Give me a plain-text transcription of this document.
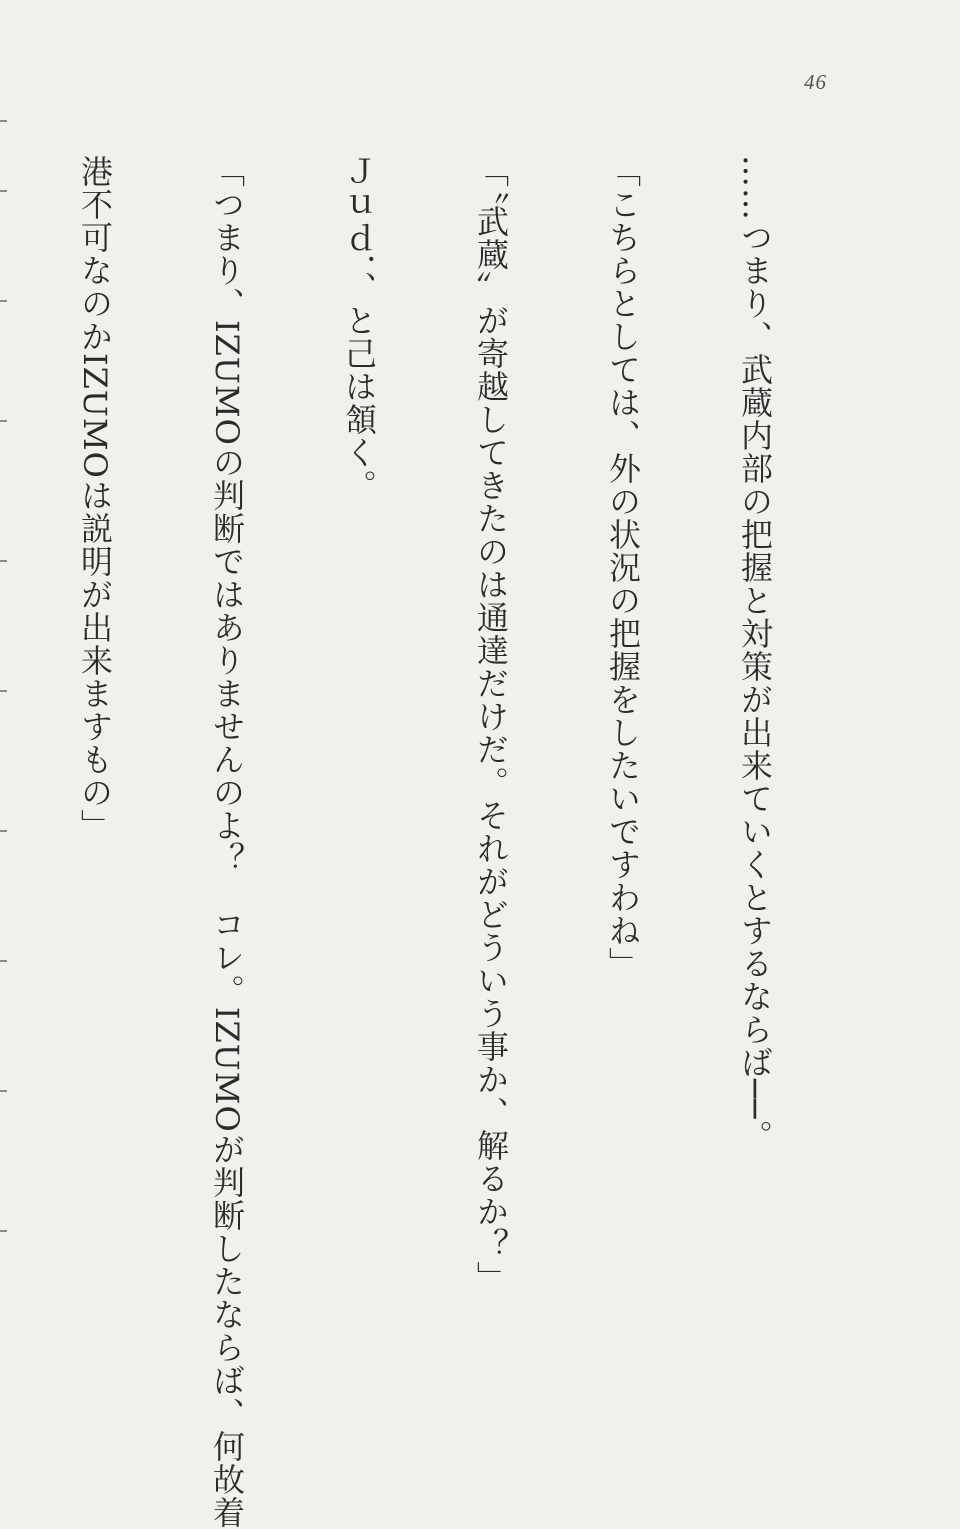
46

……つまり、武蔵内部の把握と対策が出来ていくとするならば──。

「こちらとしては、外の状況の把握をしたいですわね」

「〝武蔵〟が寄越してきたのは通達だけだ。それがどういう事か、解るか？」

Ｊｕｄ．、と己は頷く。

「つまり、IZUMOの判断ではありませんのよ？　コレ。IZUMOが判断したならば、何故着

港不可なのかIZUMOは説明が出来ますもの」
